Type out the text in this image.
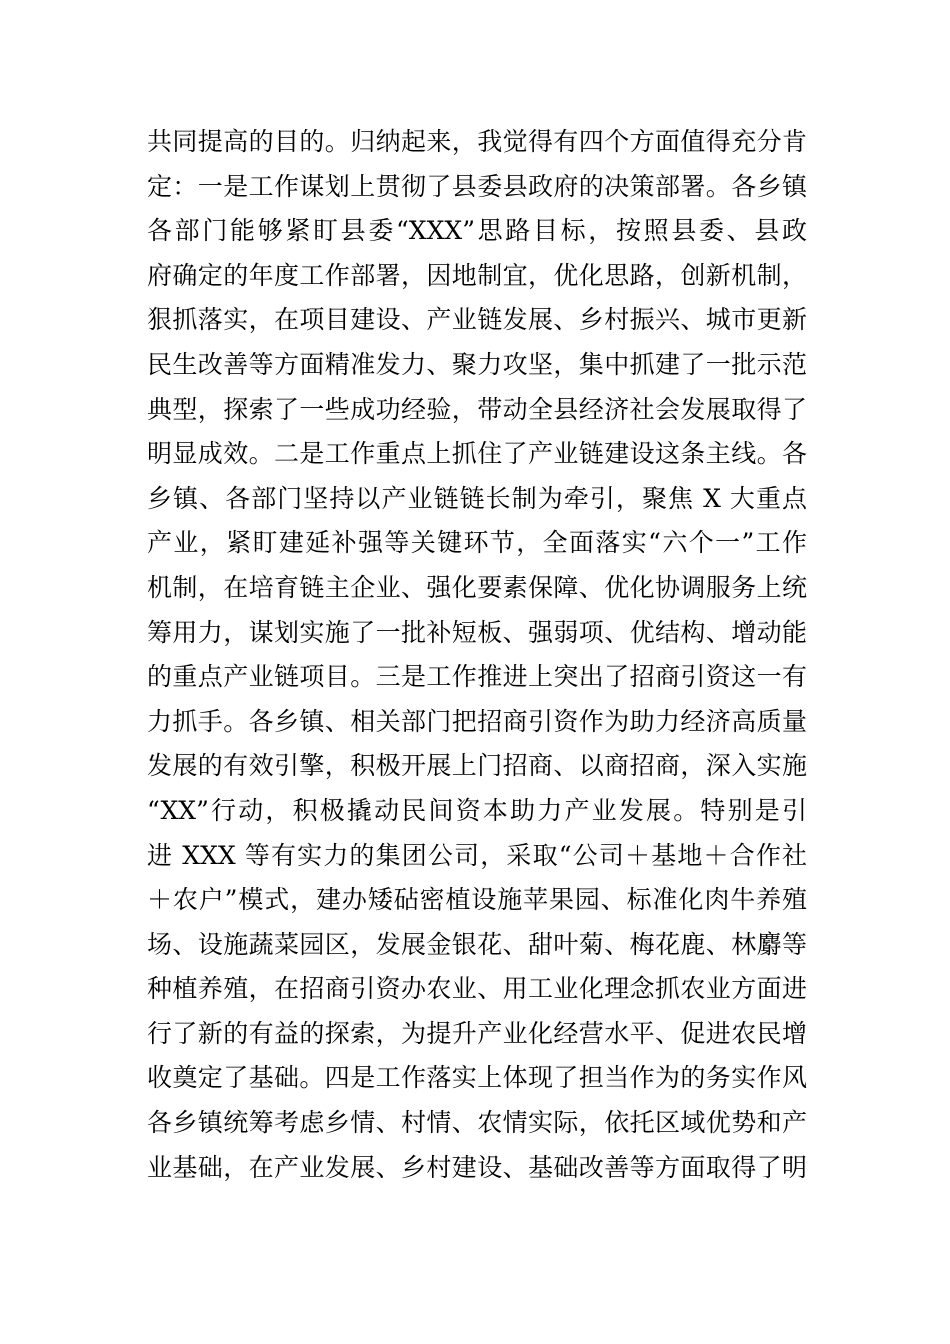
共同提高的目的。归纳起来，我觉得有四个方面值得充分肯
定：一是工作谋划上贯彻了县委县政府的决策部署。各乡镇
各部门能够紧盯县委“XXX”思路目标，按照县委、县政
府确定的年度工作部署，因地制宜，优化思路，创新机制，
狠抓落实，在项目建设、产业链发展、乡村振兴、城市更新
民生改善等方面精准发力、聚力攻坚，集中抓建了一批示范
典型，探索了一些成功经验，带动全县经济社会发展取得了
明显成效。二是工作重点上抓住了产业链建设这条主线。各
乡镇、各部门坚持以产业链链长制为牵引，聚焦 X 大重点
产业，紧盯建延补强等关键环节，全面落实“六个一”工作
机制，在培育链主企业、强化要素保障、优化协调服务上统
筹用力，谋划实施了一批补短板、强弱项、优结构、增动能
的重点产业链项目。三是工作推进上突出了招商引资这一有
力抓手。各乡镇、相关部门把招商引资作为助力经济高质量
发展的有效引擎，积极开展上门招商、以商招商，深入实施
“XX”行动，积极撬动民间资本助力产业发展。特别是引
进 XXX 等有实力的集团公司，采取“公司＋基地＋合作社
＋农户”模式，建办矮砧密植设施苹果园、标准化肉牛养殖
场、设施蔬菜园区，发展金银花、甜叶菊、梅花鹿、林麝等
种植养殖，在招商引资办农业、用工业化理念抓农业方面进
行了新的有益的探索，为提升产业化经营水平、促进农民增
收奠定了基础。四是工作落实上体现了担当作为的务实作风
各乡镇统筹考虑乡情、村情、农情实际，依托区域优势和产
业基础，在产业发展、乡村建设、基础改善等方面取得了明
